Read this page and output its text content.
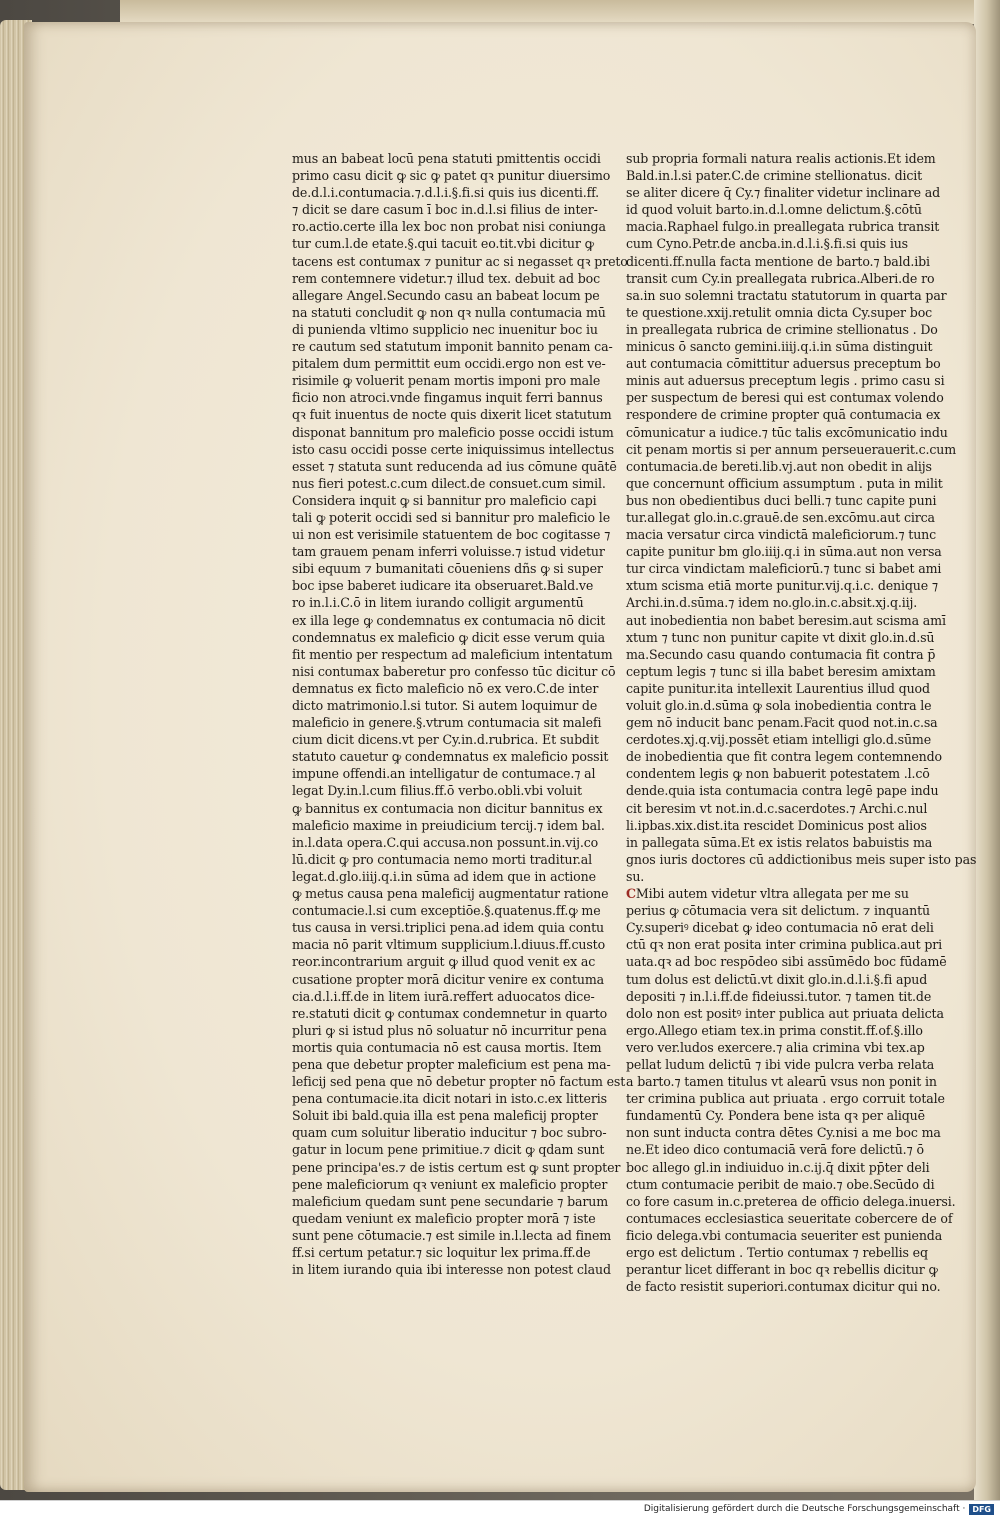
mus an babeat locū pena statuti pmittentis occidi
primo casu dicit ꝙ sic ꝙ patet qꝛ punitur diuersimo
de.d.l.i.contumacia.⁊.d.l.i.§.fi.si quis ius dicenti.ff.
⁊ dicit se dare casum ī boc in.d.l.si filius de inter-
ro.actio.certe illa lex boc non probat nisi coniunga
tur cum.l.de etate.§.qui tacuit eo.tit.vbi dicitur ꝙ
tacens est contumax ⁊ punitur ac si negasset qꝛ preto
rem contemnere videtur.⁊ illud tex. debuit ad boc
allegare Angel.Secundo casu an babeat locum pe
na statuti concludit ꝙ non qꝛ nulla contumacia mū
di punienda vltimo supplicio nec inuenitur boc iu
re cautum sed statutum imponit bannito penam ca-
pitalem dum permittit eum occidi.ergo non est ve-
risimile ꝙ voluerit penam mortis imponi pro male
ficio non atroci.vnde fingamus inquit ferri bannus
qꝛ fuit inuentus de nocte quis dixerit licet statutum
disponat bannitum pro maleficio posse occidi istum
isto casu occidi posse certe iniquissimus intellectus
esset ⁊ statuta sunt reducenda ad ius cōmune quātē
nus fieri potest.c.cum dilect.de consuet.cum simil.
Considera inquit ꝙ si bannitur pro maleficio capi
tali ꝙ poterit occidi sed si bannitur pro maleficio le
ui non est verisimile statuentem de boc cogitasse ⁊
tam grauem penam inferri voluisse.⁊ istud videtur
sibi equum ⁊ bumanitati cōueniens dñs ꝙ si super
boc ipse baberet iudicare ita obseruaret.Bald.ve
ro in.l.i.C.ō in litem iurando colligit argumentū
ex illa lege ꝙ condemnatus ex contumacia nō dicit
condemnatus ex maleficio ꝙ dicit esse verum quia
fit mentio per respectum ad maleficium intentatum
nisi contumax baberetur pro confesso tūc dicitur cō
demnatus ex ficto maleficio nō ex vero.C.de inter
dicto matrimonio.l.si tutor. Si autem loquimur de
maleficio in genere.§.vtrum contumacia sit malefi
cium dicit dicens.vt per Cy.in.d.rubrica. Et subdit
statuto cauetur ꝙ condemnatus ex maleficio possit
impune offendi.an intelligatur de contumace.⁊ al
legat Dy.in.l.cum filius.ff.ō verbo.obli.vbi voluit
ꝙ bannitus ex contumacia non dicitur bannitus ex
maleficio maxime in preiudicium tercij.⁊ idem bal.
in.l.data opera.C.qui accusa.non possunt.in.vij.co
lū.dicit ꝙ pro contumacia nemo morti traditur.al
legat.d.glo.iiij.q.i.in sūma ad idem que in actione
ꝙ metus causa pena maleficij augmentatur ratione
contumacie.l.si cum exceptiōe.§.quatenus.ff.ꝙ me
tus causa in versi.triplici pena.ad idem quia contu
macia nō parit vltimum supplicium.l.diuus.ff.custo
reor.incontrarium arguit ꝙ illud quod venit ex ac
cusatione propter morā dicitur venire ex contuma
cia.d.l.i.ff.de in litem iurā.reffert aduocatos dice-
re.statuti dicit ꝙ contumax condemnetur in quarto
pluri ꝙ si istud plus nō soluatur nō incurritur pena
mortis quia contumacia nō est causa mortis. Item
pena que debetur propter maleficium est pena ma-
leficij sed pena que nō debetur propter nō factum est
pena contumacie.ita dicit notari in isto.c.ex litteris
Soluit ibi bald.quia illa est pena maleficij propter
quam cum soluitur liberatio inducitur ⁊ boc subro-
gatur in locum pene primitiue.⁊ dicit ꝙ qdam sunt
pene principa'es.⁊ de istis certum est ꝙ sunt propter
pene maleficiorum qꝛ veniunt ex maleficio propter
maleficium quedam sunt pene secundarie ⁊ barum
quedam veniunt ex maleficio propter morā ⁊ iste
sunt pene cōtumacie.⁊ est simile in.l.lecta ad finem
ff.si certum petatur.⁊ sic loquitur lex prima.ff.de
in litem iurando quia ibi interesse non potest claud
sub propria formali natura realis actionis.Et idem
Bald.in.l.si pater.C.de crimine stellionatus. dicit
se aliter dicere q̄ Cy.⁊ finaliter videtur inclinare ad
id quod voluit barto.in.d.l.omne delictum.§.cōtū
macia.Raphael fulgo.in preallegata rubrica transit
cum Cyno.Petr.de ancba.in.d.l.i.§.fi.si quis ius
dicenti.ff.nulla facta mentione de barto.⁊ bald.ibi
transit cum Cy.in preallegata rubrica.Alberi.de ro
sa.in suo solemni tractatu statutorum in quarta par
te questione.xxij.retulit omnia dicta Cy.super boc
in preallegata rubrica de crimine stellionatus . Do
minicus ō sancto gemini.iiij.q.i.in sūma distinguit
aut contumacia cōmittitur aduersus preceptum bo
minis aut aduersus preceptum legis . primo casu si
per suspectum de beresi qui est contumax volendo
respondere de crimine propter quā contumacia ex
cōmunicatur a iudice.⁊ tūc talis excōmunicatio indu
cit penam mortis si per annum perseuerauerit.c.cum
contumacia.de bereti.lib.vj.aut non obedit in alijs
que concernunt officium assumptum . puta in milit
bus non obedientibus duci belli.⁊ tunc capite puni
tur.allegat glo.in.c.grauē.de sen.excōmu.aut circa
macia versatur circa vindictā maleficiorum.⁊ tunc
capite punitur bm glo.iiij.q.i in sūma.aut non versa
tur circa vindictam maleficiorū.⁊ tunc si babet ami
xtum scisma etiā morte punitur.vij.q.i.c. denique ⁊
Archi.in.d.sūma.⁊ idem no.glo.in.c.absit.xj.q.iij.
aut inobedientia non babet beresim.aut scisma amī
xtum ⁊ tunc non punitur capite vt dixit glo.in.d.sū
ma.Secundo casu quando contumacia fit contra p̄
ceptum legis ⁊ tunc si illa babet beresim amixtam
capite punitur.ita intellexit Laurentius illud quod
voluit glo.in.d.sūma ꝙ sola inobedientia contra le
gem nō inducit banc penam.Facit quod not.in.c.sa
cerdotes.xj.q.vij.possēt etiam intelligi glo.d.sūme
de inobedientia que fit contra legem contemnendo
condentem legis ꝙ non babuerit potestatem .l.cō
dende.quia ista contumacia contra legē pape indu
cit beresim vt not.in.d.c.sacerdotes.⁊ Archi.c.nul
li.ipbas.xix.dist.ita rescidet Dominicus post alios
in pallegata sūma.Et ex istis relatos babuistis ma
gnos iuris doctores cū addictionibus meis super isto pas
su.
CMibi autem videtur vltra allegata per me su
perius ꝙ cōtumacia vera sit delictum. ⁊ inquantū
Cy.superiꝰ dicebat ꝙ ideo contumacia nō erat deli
ctū qꝛ non erat posita inter crimina publica.aut pri
uata.qꝛ ad boc respōdeo sibi assūmēdo boc fūdamē
tum dolus est delictū.vt dixit glo.in.d.l.i.§.fi apud
depositi ⁊ in.l.i.ff.de fideiussi.tutor. ⁊ tamen tit.de
dolo non est positꝰ inter publica aut priuata delicta
ergo.Allego etiam tex.in prima constit.ff.of.§.illo
vero ver.ludos exercere.⁊ alia crimina vbi tex.ap
pellat ludum delictū ⁊ ibi vide pulcra verba relata
a barto.⁊ tamen titulus vt alearū vsus non ponit in
ter crimina publica aut priuata . ergo corruit totale
fundamentū Cy. Pondera bene ista qꝛ per aliquē
non sunt inducta contra dētes Cy.nisi a me boc ma
ne.Et ideo dico contumaciā verā fore delictū.⁊ ō
boc allego gl.in indiuiduo in.c.ij.q̄ dixit pp̄ter deli
ctum contumacie peribit de maio.⁊ obe.Secūdo di
co fore casum in.c.preterea de officio delega.inuersi.
contumaces ecclesiastica seueritate cobercere de of
ficio delega.vbi contumacia seueriter est punienda
ergo est delictum . Tertio contumax ⁊ rebellis eq
perantur licet differant in boc qꝛ rebellis dicitur ꝙ
de facto resistit superiori.contumax dicitur qui no.
Digitalisierung gefördert durch die Deutsche Forschungsgemeinschaft · DFG
